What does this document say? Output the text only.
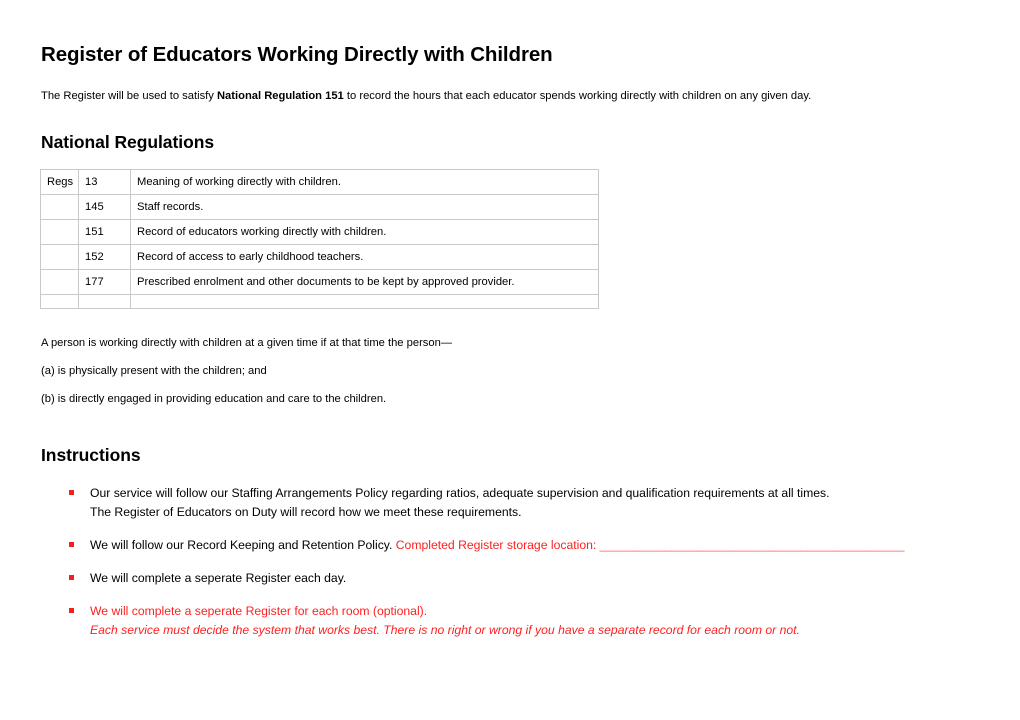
Register of Educators Working Directly with Children
The Register will be used to satisfy National Regulation 151 to record the hours that each educator spends working directly with children on any given day.
National Regulations
Regs	13	Meaning of working directly with children.
	145	Staff records.
	151	Record of educators working directly with children.
	152	Record of access to early childhood teachers.
	177	Prescribed enrolment and other documents to be kept by approved provider.

A person is working directly with children at a given time if at that time the person—
(a) is physically present with the children; and
(b) is directly engaged in providing education and care to the children.
Instructions
Our service will follow our Staffing Arrangements Policy regarding ratios, adequate supervision and qualification requirements at all times.
The Register of Educators on Duty will record how we meet these requirements.
We will follow our Record Keeping and Retention Policy. Completed Register storage location: _______________________________________________
We will complete a seperate Register each day.
We will complete a seperate Register for each room (optional).
Each service must decide the system that works best. There is no right or wrong if you have a separate record for each room or not.
